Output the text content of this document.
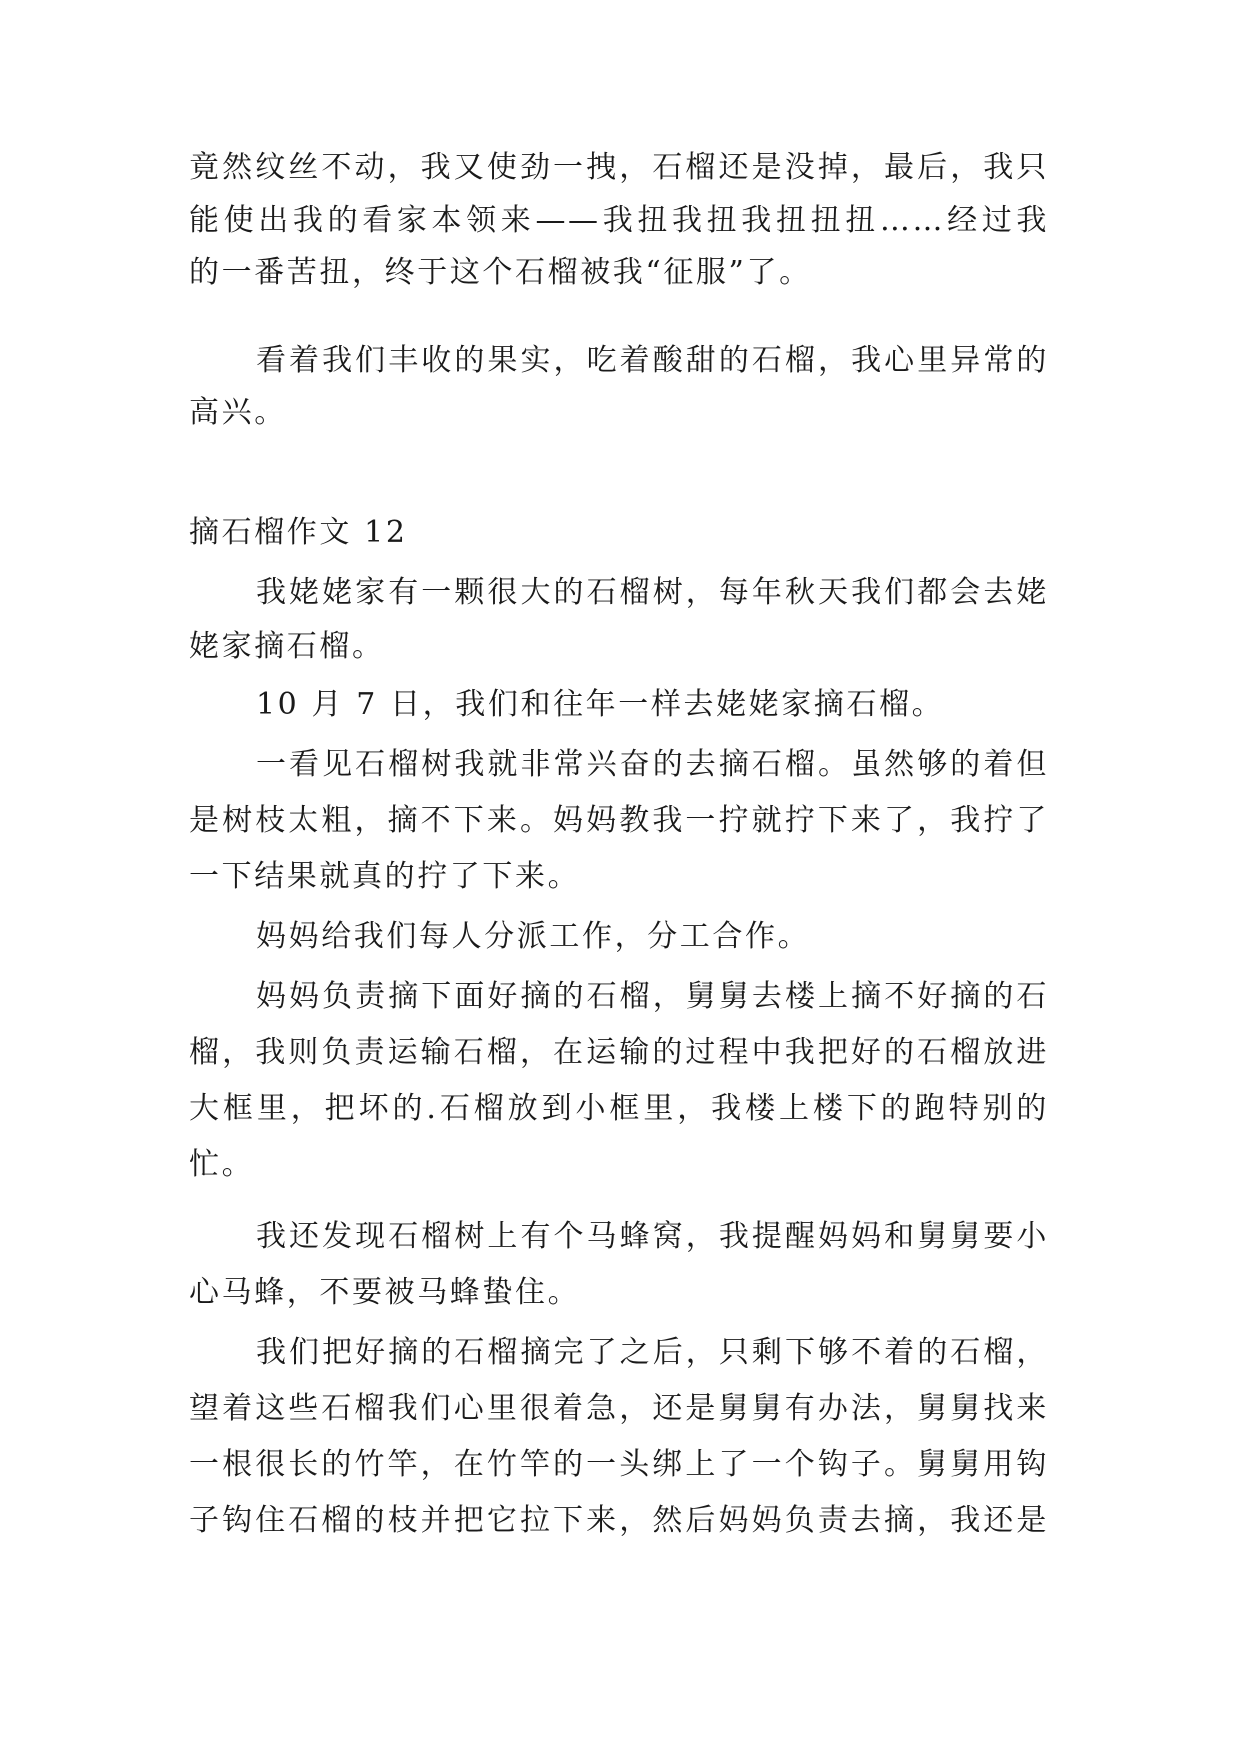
竟然纹丝不动，我又使劲一拽，石榴还是没掉，最后，我只
能使出我的看家本领来——我扭我扭我扭扭扭……经过我
的一番苦扭，终于这个石榴被我“征服”了。
看着我们丰收的果实，吃着酸甜的石榴，我心里异常的
高兴。
摘石榴作文 12
我姥姥家有一颗很大的石榴树，每年秋天我们都会去姥
姥家摘石榴。
10 月 7 日，我们和往年一样去姥姥家摘石榴。
一看见石榴树我就非常兴奋的去摘石榴。虽然够的着但
是树枝太粗，摘不下来。妈妈教我一拧就拧下来了，我拧了
一下结果就真的拧了下来。
妈妈给我们每人分派工作，分工合作。
妈妈负责摘下面好摘的石榴，舅舅去楼上摘不好摘的石
榴，我则负责运输石榴，在运输的过程中我把好的石榴放进
大框里，把坏的.石榴放到小框里，我楼上楼下的跑特别的
忙。
我还发现石榴树上有个马蜂窝，我提醒妈妈和舅舅要小
心马蜂，不要被马蜂蛰住。
我们把好摘的石榴摘完了之后，只剩下够不着的石榴，
望着这些石榴我们心里很着急，还是舅舅有办法，舅舅找来
一根很长的竹竿，在竹竿的一头绑上了一个钩子。舅舅用钩
子钩住石榴的枝并把它拉下来，然后妈妈负责去摘，我还是
